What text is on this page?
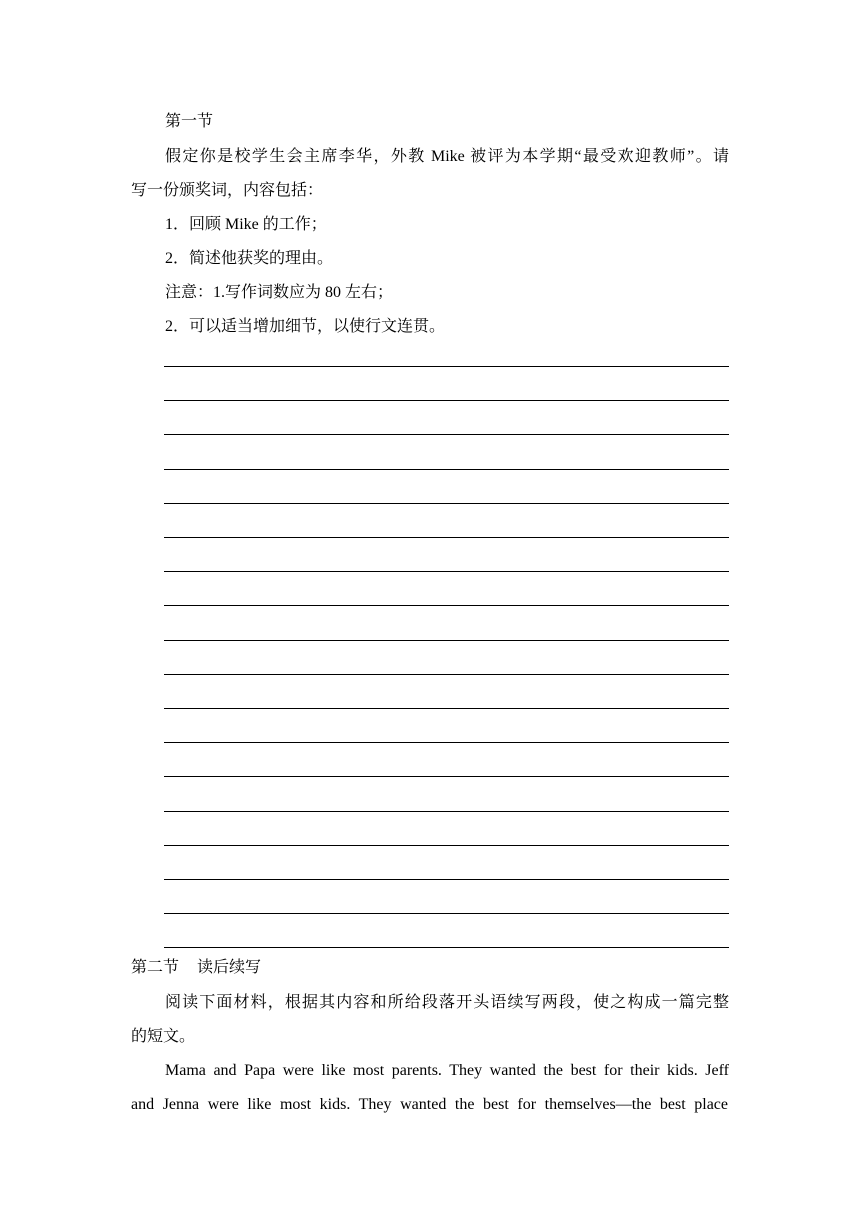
第一节
假定你是校学生会主席李华，外教 Mike 被评为本学期“最受欢迎教师”。请
写一份颁奖词，内容包括：
1．回顾 Mike 的工作；
2．简述他获奖的理由。
注意：1.写作词数应为 80 左右；
2．可以适当增加细节，以使行文连贯。
第二节 读后续写
阅读下面材料，根据其内容和所给段落开头语续写两段，使之构成一篇完整
的短文。
Mama and Papa were like most parents. They wanted the best for their kids. Jeff
and Jenna were like most kids. They wanted the best for themselves—the best place
